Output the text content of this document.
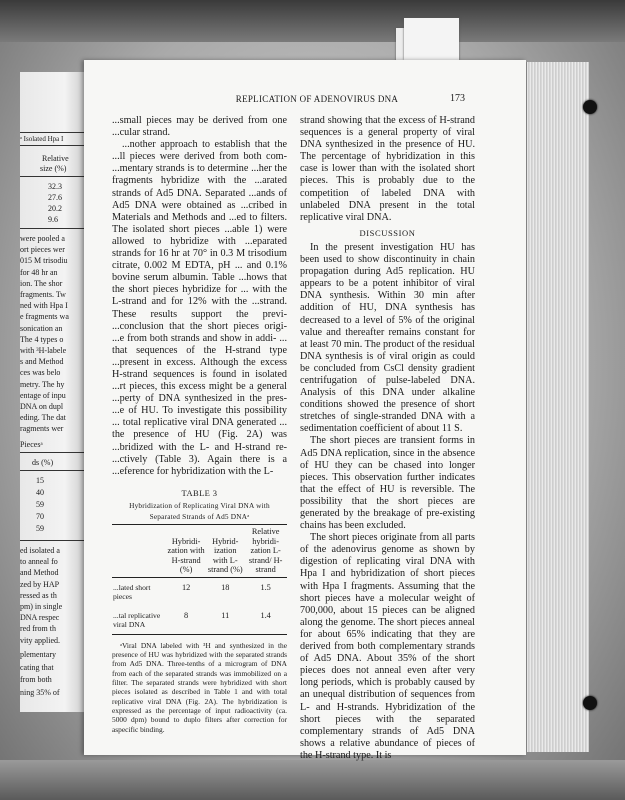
ᵃ Isolated Hpa I
Relative
size (%)
32.3
27.6
20.2
9.6
were pooled a
ort pieces wer
015 M trisodiu
for 48 hr an
ion. The shor
fragments. Tw
ned with Hpa I
e fragments wa
sonication an
The 4 types o
with ³H-labele
s and Method
ces was belo
metry. The hy
entage of inpu
DNA on dupl
eding. The dat
ragments wer
Piecesᵃ
ds (%)
15
40
59
70
59
ed isolated a
to anneal fo
and Method
zed by HAP
ressed as th
pm) in single
DNA respec
red from th
vity applied.
plementary
cating that
from both
ning 35% of
REPLICATION OF ADENOVIRUS DNA	173

...small pieces may be derived from one ...cular strand.

...nother approach to establish that the ...ll pieces were derived from both com- ...mentary strands is to determine ...her the fragments hybridize with the ...arated strands of Ad5 DNA. Separated ...ands of Ad5 DNA were obtained as ...cribed in Materials and Methods and ...ed to filters. The isolated short pieces ...able 1) were allowed to hybridize with ...eparated strands for 16 hr at 70° in 0.3 M trisodium citrate, 0.002 M EDTA, pH ... and 0.1% bovine serum albumin. Table ...hows that the short pieces hybridize for ... with the L-strand and for 12% with the ...strand. These results support the previ- ...conclusion that the short pieces origi- ...e from both strands and show in addi- ... that sequences of the H-strand type ...present in excess. Although the excess H-strand sequences is found in isolated ...rt pieces, this excess might be a general ...perty of DNA synthesized in the pres- ...e of HU. To investigate this possibility ... total replicative viral DNA generated ... the presence of HU (Fig. 2A) was ...bridized with the L- and H-strand re- ...ctively (Table 3). Again there is a ...eference for hybridization with the L-

TABLE 3
Hybridization of Replicating Viral DNA with
Separated Strands of Ad5 DNAᵃ
	Hybridi- zation with H-strand (%)	Hybrid- ization with L-strand (%)	Relative hybridi- zation L-strand/ H-strand
...lated short pieces	12	18	1.5
...tal replicative viral DNA	8	11	1.4

ᵃViral DNA labeled with ³H and synthesized in the presence of HU was hybridized with the separated strands from Ad5 DNA. Three-tenths of a microgram of DNA from each of the separated strands was immobilized on a filter. The separated strands were hybridized with short pieces isolated as described in Table 1 and with total replicative viral DNA (Fig. 2A). The hybridization is expressed as the percentage of input radioactivity (ca. 5000 dpm) bound to duplo filters after correction for aspecific binding.

strand showing that the excess of H-strand sequences is a general property of viral DNA synthesized in the presence of HU. The percentage of hybridization in this case is lower than with the isolated short pieces. This is probably due to the competition of labeled DNA with unlabeled DNA present in the total replicative viral DNA.

DISCUSSION

In the present investigation HU has been used to show discontinuity in chain propagation during Ad5 replication. HU appears to be a potent inhibitor of viral DNA synthesis. Within 30 min after addition of HU, DNA synthesis has decreased to a level of 5% of the original value and thereafter remains constant for at least 70 min. The product of the residual DNA synthesis is of viral origin as could be concluded from CsCl density gradient centrifugation of pulse-labeled DNA. Analysis of this DNA under alkaline conditions showed the presence of short stretches of single-stranded DNA with a sedimentation coefficient of about 11 S.

The short pieces are transient forms in Ad5 DNA replication, since in the absence of HU they can be chased into longer pieces. This observation further indicates that the effect of HU is reversible. The possibility that the short pieces are generated by the breakage of pre-existing chains has been excluded.

The short pieces originate from all parts of the adenovirus genome as shown by digestion of replicating viral DNA with Hpa I and hybridization of short pieces with Hpa I fragments. Assuming that the short pieces have a molecular weight of 700,000, about 15 pieces can be aligned along the genome. The short pieces anneal for about 65% indicating that they are derived from both complementary strands of Ad5 DNA. About 35% of the short pieces does not anneal even after very long periods, which is probably caused by an unequal distribution of sequences from L- and H-strands. Hybridization of the short pieces with the separated complementary strands of Ad5 DNA shows a relative abundance of pieces of the H-strand type. It is
